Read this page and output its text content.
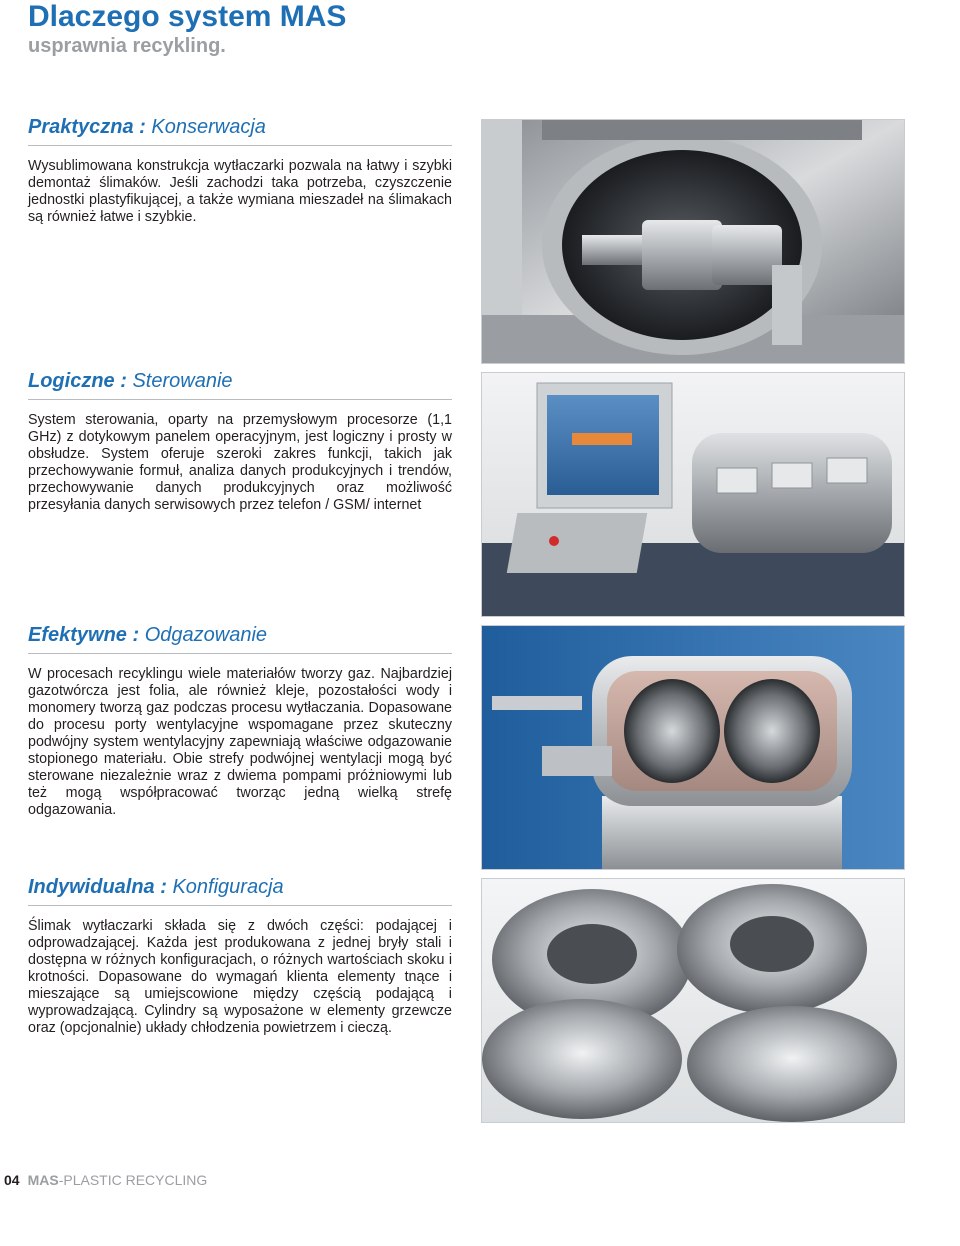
Dlaczego system MAS
usprawnia recykling.
Praktyczna : Konserwacja

Wysublimowana konstrukcja wytłaczarki pozwala na łatwy i szybki demontaż ślimaków. Jeśli zachodzi taka potrzeba, czyszczenie jednostki plastyfikującej, a także wymiana mieszadeł na ślimakach są również łatwe i szybkie.

Logiczne : Sterowanie

System sterowania, oparty na przemysłowym procesorze (1,1 GHz) z dotykowym panelem operacyjnym, jest logiczny i prosty w obsłudze. System oferuje szeroki zakres funkcji, takich jak przechowywanie formuł, analiza danych produkcyjnych i trendów, przechowywanie danych produkcyjnych oraz możliwość przesyłania danych serwisowych przez telefon / GSM/ internet

Efektywne : Odgazowanie

W procesach recyklingu wiele materiałów tworzy gaz. Najbardziej gazotwórcza jest folia, ale również kleje, pozostałości wody i monomery tworzą gaz podczas procesu wytłaczania. Dopasowane do procesu porty wentylacyjne wspomagane przez skuteczny podwójny system wentylacyjny zapewniają właściwe odgazowanie stopionego materiału. Obie strefy podwójnej wentylacji mogą być sterowane niezależnie wraz z dwiema pompami próżniowymi lub też mogą współpracować tworząc jedną wielką strefę odgazowania.

Indywidualna : Konfiguracja

Ślimak wytłaczarki składa się z dwóch części: podającej i odprowadzającej. Każda jest produkowana z jednej bryły stali i dostępna w różnych konfiguracjach, o różnych wartościach skoku i krotności. Dopasowane do wymagań klienta elementy tnące i mieszające są umiejscowione między częścią podającą i wyprowadzającą. Cylindry są wyposażone w elementy grzewcze oraz (opcjonalnie) układy chłodzenia powietrzem i cieczą.

04 MAS-PLASTIC RECYCLING
